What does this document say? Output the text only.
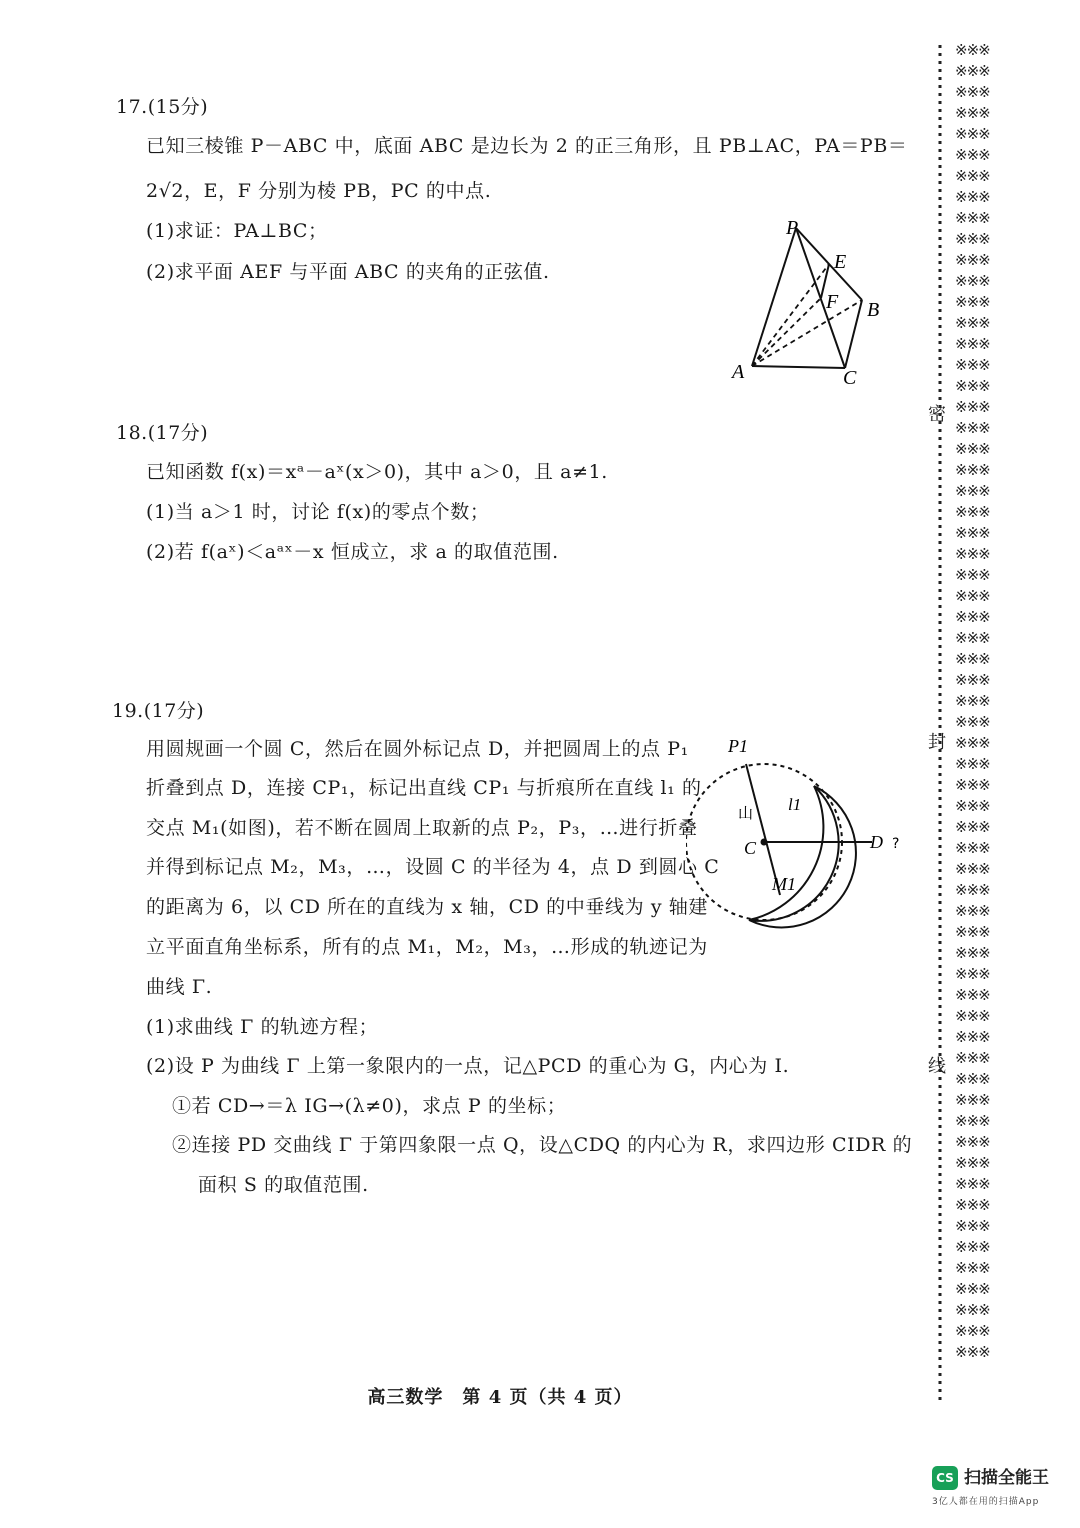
17.(15分)
已知三棱锥 P－ABC 中，底面 ABC 是边长为 2 的正三角形，且 PB⊥AC，PA＝PB＝
2√2，E，F 分别为棱 PB，PC 的中点.
(1)求证：PA⊥BC；
(2)求平面 AEF 与平面 ABC 的夹角的正弦值.
P
E
F B
A	C
18.(17分)
已知函数 f(x)＝xᵃ－aˣ(x＞0)，其中 a＞0，且 a≠1.
(1)当 a＞1 时，讨论 f(x)的零点个数；
(2)若 f(aˣ)＜aᵃˣ－x 恒成立，求 a 的取值范围.
19.(17分)
用圆规画一个圆 C，然后在圆外标记点 D，并把圆周上的点 P₁
折叠到点 D，连接 CP₁，标记出直线 CP₁ 与折痕所在直线 l₁ 的
交点 M₁(如图)，若不断在圆周上取新的点 P₂，P₃，…进行折叠
并得到标记点 M₂，M₃，…，设圆 C 的半径为 4，点 D 到圆心 C
的距离为 6，以 CD 所在的直线为 x 轴，CD 的中垂线为 y 轴建
立平面直角坐标系，所有的点 M₁，M₂，M₃，…形成的轨迹记为
曲线 Γ.
(1)求曲线 Γ 的轨迹方程；
(2)设 P 为曲线 Γ 上第一象限内的一点，记△PCD 的重心为 G，内心为 I.
①若 CD→＝λ IG→(λ≠0)，求点 P 的坐标；
②连接 PD 交曲线 Γ 于第四象限一点 Q，设△CDQ 的内心为 R，求四边形 CIDR 的
面积 S 的取值范围.
P1
l1
C	D
M1
山
?
高三数学　第 4 页（共 4 页）
※※※
※※※
※※※
※※※
※※※
※※※
※※※
※※※
※※※
※※※
※※※
※※※
※※※
※※※
※※※
※※※
※※※
※※※
※※※
※※※
※※※
※※※
※※※
※※※
※※※
※※※
※※※
※※※
※※※
※※※
※※※
※※※
※※※
※※※
※※※
※※※
※※※
※※※
※※※
※※※
※※※
※※※
※※※
※※※
※※※
※※※
※※※
※※※
※※※
※※※
※※※
※※※
※※※
※※※
※※※
※※※
※※※
※※※
※※※
※※※
※※※
※※※
※※※
密
封
线
CS 扫描全能王
3亿人都在用的扫描App
